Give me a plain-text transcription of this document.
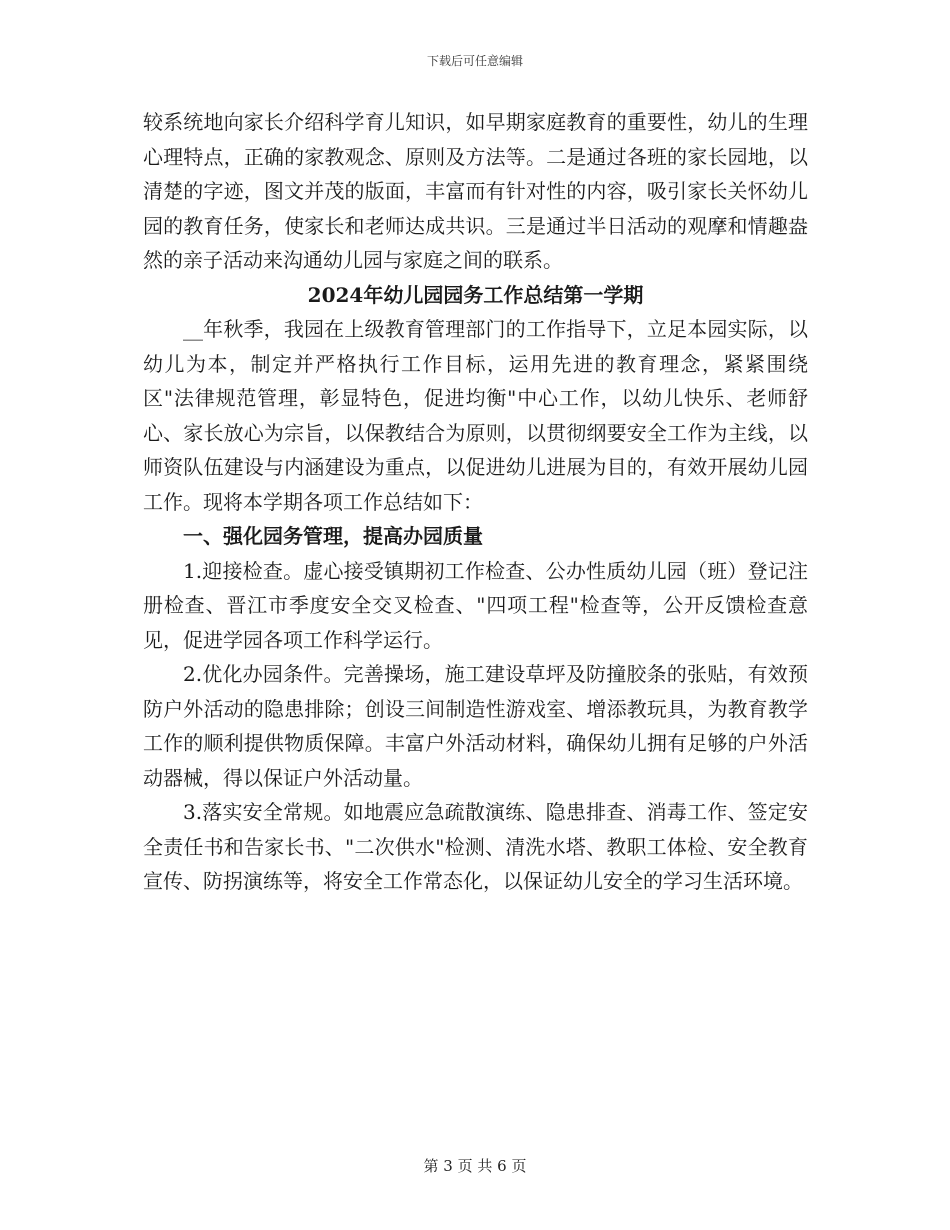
下载后可任意编辑

较系统地向家长介绍科学育儿知识，如早期家庭教育的重要性，幼儿的生理心理特点，正确的家教观念、原则及方法等。二是通过各班的家长园地，以清楚的字迹，图文并茂的版面，丰富而有针对性的内容，吸引家长关怀幼儿园的教育任务，使家长和老师达成共识。三是通过半日活动的观摩和情趣盎然的亲子活动来沟通幼儿园与家庭之间的联系。

2024年幼儿园园务工作总结第一学期

__年秋季，我园在上级教育管理部门的工作指导下，立足本园实际，以幼儿为本，制定并严格执行工作目标，运用先进的教育理念，紧紧围绕区"法律规范管理，彰显特色，促进均衡"中心工作，以幼儿快乐、老师舒心、家长放心为宗旨，以保教结合为原则，以贯彻纲要安全工作为主线，以师资队伍建设与内涵建设为重点，以促进幼儿进展为目的，有效开展幼儿园工作。现将本学期各项工作总结如下：

一、强化园务管理，提高办园质量

1.迎接检查。虚心接受镇期初工作检查、公办性质幼儿园（班）登记注册检查、晋江市季度安全交叉检查、"四项工程"检查等，公开反馈检查意见，促进学园各项工作科学运行。

2.优化办园条件。完善操场，施工建设草坪及防撞胶条的张贴，有效预防户外活动的隐患排除；创设三间制造性游戏室、增添教玩具，为教育教学工作的顺利提供物质保障。丰富户外活动材料，确保幼儿拥有足够的户外活动器械，得以保证户外活动量。

3.落实安全常规。如地震应急疏散演练、隐患排查、消毒工作、签定安全责任书和告家长书、"二次供水"检测、清洗水塔、教职工体检、安全教育宣传、防拐演练等，将安全工作常态化，以保证幼儿安全的学习生活环境。

第 3 页 共 6 页
